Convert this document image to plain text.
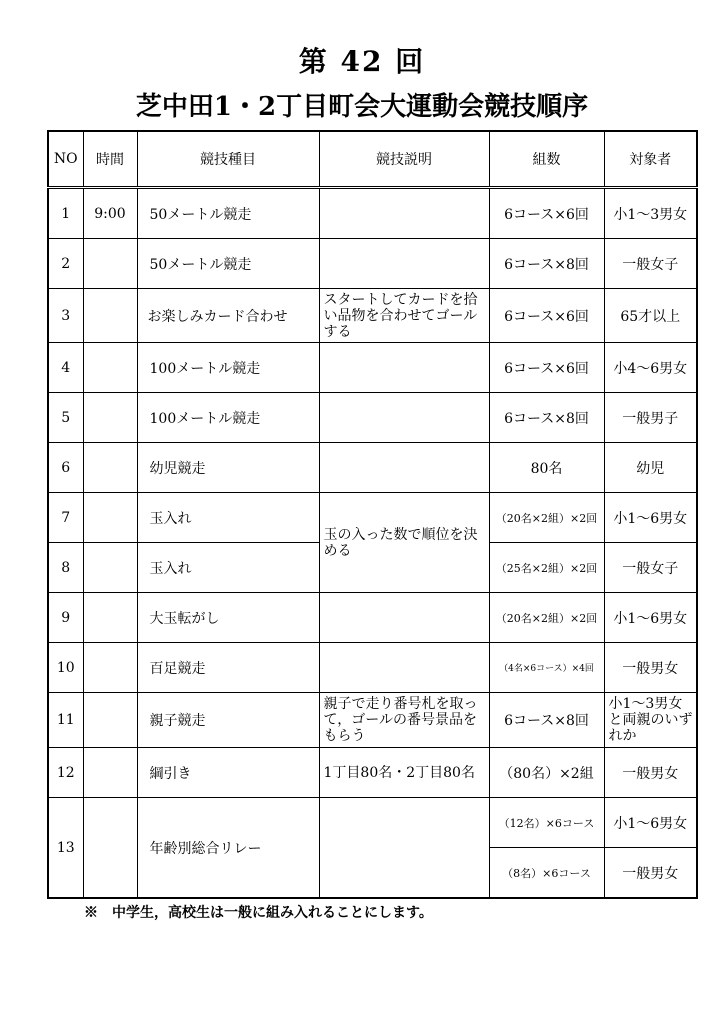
第 42 回
芝中田1・2丁目町会大運動会競技順序
NO	時間	競技種目	競技説明	組数	対象者
1	9:00	50メートル競走		6コース×6回	小1～3男女
2		50メートル競走		6コース×8回	一般女子
3		お楽しみカード合わせ	スタートしてカードを拾い品物を合わせてゴールする	6コース×6回	65才以上
4		100メートル競走		6コース×6回	小4～6男女
5		100メートル競走		6コース×8回	一般男子
6		幼児競走		80名	幼児
7		玉入れ	玉の入った数で順位を決める	（20名×2組）×2回	小1～6男女
8		玉入れ		（25名×2組）×2回	一般女子
9		大玉転がし		（20名×2組）×2回	小1～6男女
10		百足競走		（4名×6コース）×4回	一般男女
11		親子競走	親子で走り番号札を取って，ゴールの番号景品をもらう	6コース×8回	小1～3男女と両親のいずれか
12		綱引き	1丁目80名・2丁目80名	（80名）×2組	一般男女
13		年齢別総合リレー		（12名）×6コース	小1～6男女
				（8名）×6コース	一般男女
※　中学生，高校生は一般に組み入れることにします。
